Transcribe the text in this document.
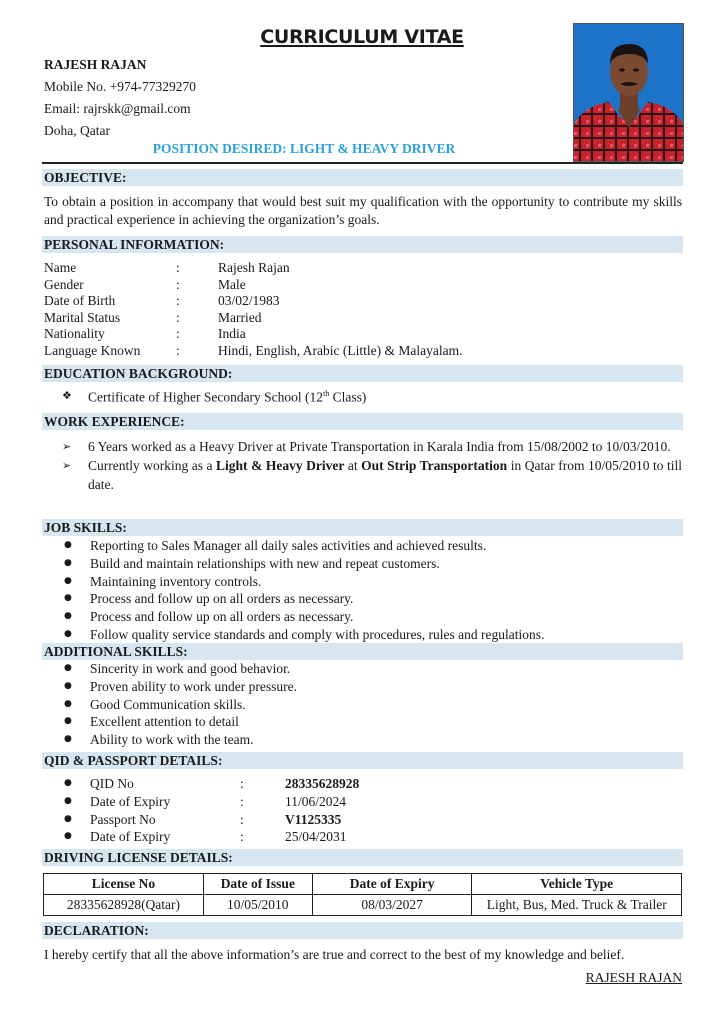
CURRICULUM VITAE
RAJESH RAJAN
Mobile No. +974-77329270
Email: rajrskk@gmail.com
Doha, Qatar
POSITION DESIRED: LIGHT & HEAVY DRIVER
OBJECTIVE:
To obtain a position in accompany that would best suit my qualification with the opportunity to contribute my skills and practical experience in achieving the organization’s goals.
PERSONAL INFORMATION:
Name	:	Rajesh Rajan
Gender	:	Male
Date of Birth	:	03/02/1983
Marital Status	:	Married
Nationality	:	India
Language Known	:	Hindi, English, Arabic (Little) & Malayalam.
EDUCATION BACKGROUND:
❖	Certificate of Higher Secondary School (12th Class)
WORK EXPERIENCE:
➢	6 Years worked as a Heavy Driver at Private Transportation in Karala India from 15/08/2002 to 10/03/2010.
➢	Currently working as a Light & Heavy Driver at Out Strip Transportation in Qatar from 10/05/2010 to till date.
JOB SKILLS:
●	Reporting to Sales Manager all daily sales activities and achieved results.
●	Build and maintain relationships with new and repeat customers.
●	Maintaining inventory controls.
●	Process and follow up on all orders as necessary.
●	Process and follow up on all orders as necessary.
●	Follow quality service standards and comply with procedures, rules and regulations.
ADDITIONAL SKILLS:
●	Sincerity in work and good behavior.
●	Proven ability to work under pressure.
●	Good Communication skills.
●	Excellent attention to detail
●	Ability to work with the team.
QID & PASSPORT DETAILS:
●	QID No	:	28335628928
●	Date of Expiry	:	11/06/2024
●	Passport No	:	V1125335
●	Date of Expiry	:	25/04/2031
DRIVING LICENSE DETAILS:
License No	Date of Issue	Date of Expiry	Vehicle Type
28335628928(Qatar)	10/05/2010	08/03/2027	Light, Bus, Med. Truck & Trailer
DECLARATION:
I hereby certify that all the above information’s are true and correct to the best of my knowledge and belief.
RAJESH RAJAN
